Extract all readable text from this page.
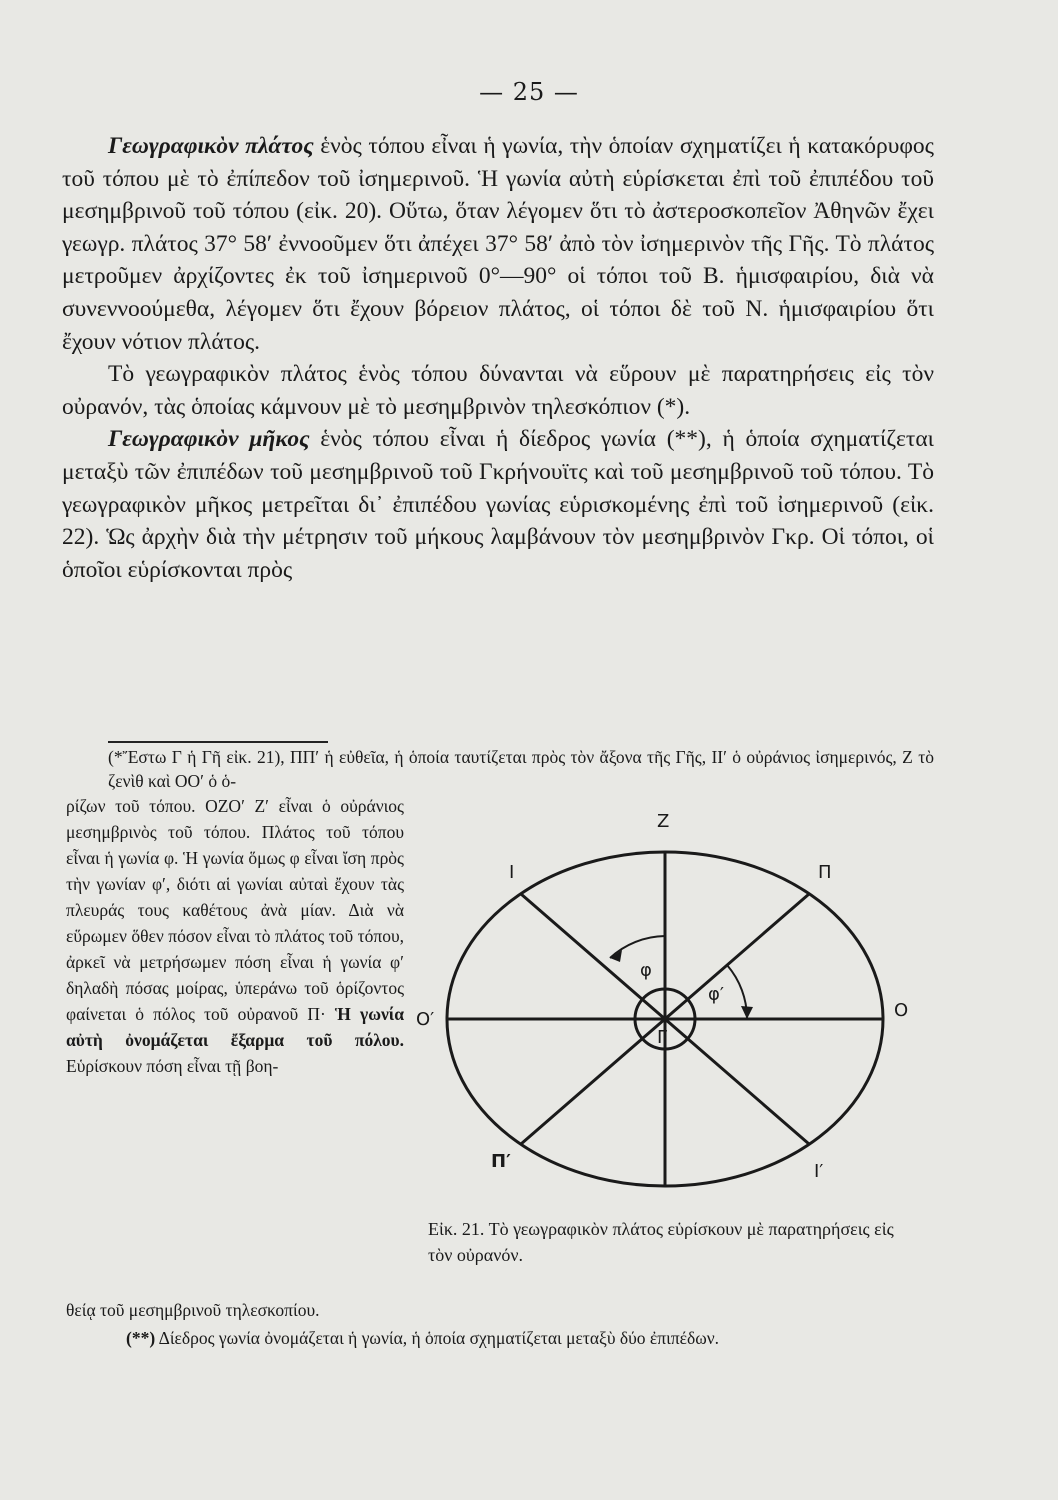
— 25 —

Γεωγραφικὸν πλάτος ἑνὸς τόπου εἶναι ἡ γωνία, τὴν ὁποίαν σχηματίζει ἡ κατακόρυφος τοῦ τόπου μὲ τὸ ἐπίπεδον τοῦ ἰσημερινοῦ. Ἡ γωνία αὐτὴ εὑρίσκεται ἐπὶ τοῦ ἐπιπέδου τοῦ μεσημβρινοῦ τοῦ τόπου (εἰκ. 20). Οὕτω, ὅταν λέγομεν ὅτι τὸ ἀστεροσκοπεῖον Ἀθηνῶν ἔχει γεωγρ. πλάτος 37° 58′ ἐννοοῦμεν ὅτι ἀπέχει 37° 58′ ἀπὸ τὸν ἰσημερινὸν τῆς Γῆς. Τὸ πλάτος μετροῦμεν ἀρχίζοντες ἐκ τοῦ ἰσημερινοῦ 0°—90° οἱ τόποι τοῦ Β. ἡμισφαιρίου, διὰ νὰ συνεννοούμεθα, λέγομεν ὅτι ἔχουν βόρειον πλάτος, οἱ τόποι δὲ τοῦ Ν. ἡμισφαιρίου ὅτι ἔχουν νότιον πλάτος.

Τὸ γεωγραφικὸν πλάτος ἑνὸς τόπου δύνανται νὰ εὕρουν μὲ παρατηρήσεις εἰς τὸν οὐρανόν, τὰς ὁποίας κάμνουν μὲ τὸ μεσημβρινὸν τηλεσκόπιον (*).

Γεωγραφικὸν μῆκος ἑνὸς τόπου εἶναι ἡ δίεδρος γωνία (**), ἡ ὁποία σχηματίζεται μεταξὺ τῶν ἐπιπέδων τοῦ μεσημβρινοῦ τοῦ Γκρήνουϊτς καὶ τοῦ μεσημβρινοῦ τοῦ τόπου. Τὸ γεωγραφικὸν μῆκος μετρεῖται δι᾽ ἐπιπέδου γωνίας εὑρισκομένης ἐπὶ τοῦ ἰσημερινοῦ (εἰκ. 22). Ὡς ἀρχὴν διὰ τὴν μέτρησιν τοῦ μήκους λαμβάνουν τὸν μεσημβρινὸν Γκρ. Οἱ τόποι, οἱ ὁποῖοι εὑρίσκονται πρὸς

(*Ἔστω Γ ἡ Γῆ εἰκ. 21), ΠΠ′ ἡ εὐθεῖα, ἡ ὁποία ταυτίζεται πρὸς τὸν ἄξονα τῆς Γῆς, ΙΙ′ ὁ οὐράνιος ἰσημερινός, Ζ τὸ ζενὶθ καὶ ΟΟ′ ὁ ὁ-

ρίζων τοῦ τόπου. ΟΖΟ′ Ζ′ εἶναι ὁ οὐράνιος μεσημβρινὸς τοῦ τόπου. Πλάτος τοῦ τόπου εἶναι ἡ γωνία φ. Ἡ γωνία ὅμως φ εἶναι ἴση πρὸς τὴν γωνίαν φ′, διότι αἱ γωνίαι αὐταὶ ἔχουν τὰς πλευράς τους καθέτους ἀνὰ μίαν. Διὰ νὰ εὕρωμεν ὅθεν πόσον εἶναι τὸ πλάτος τοῦ τόπου, ἀρκεῖ νὰ μετρήσωμεν πόση εἶναι ἡ γωνία φ′ δηλαδὴ πόσας μοίρας, ὑπεράνω τοῦ ὁρίζοντος φαίνεται ὁ πόλος τοῦ οὐρανοῦ Π· Ἡ γωνία αὐτὴ ὀνομάζεται ἔξαρμα τοῦ πόλου. Εὑρίσκουν πόση εἶναι τῇ βοη-

θείᾳ τοῦ μεσημβρινοῦ τηλεσκοπίου.

(**) Δίεδρος γωνία ὀνομάζεται ἡ γωνία, ἡ ὁποία σχηματίζεται μεταξὺ δύο ἐπιπέδων.

Z
I	Π
O′	O
Π′	I′
Γ
φ
φ′

Εἰκ. 21. Τὸ γεωγραφικὸν πλάτος εὑρίσκουν μὲ παρατηρήσεις εἰς τὸν οὐρανόν.
